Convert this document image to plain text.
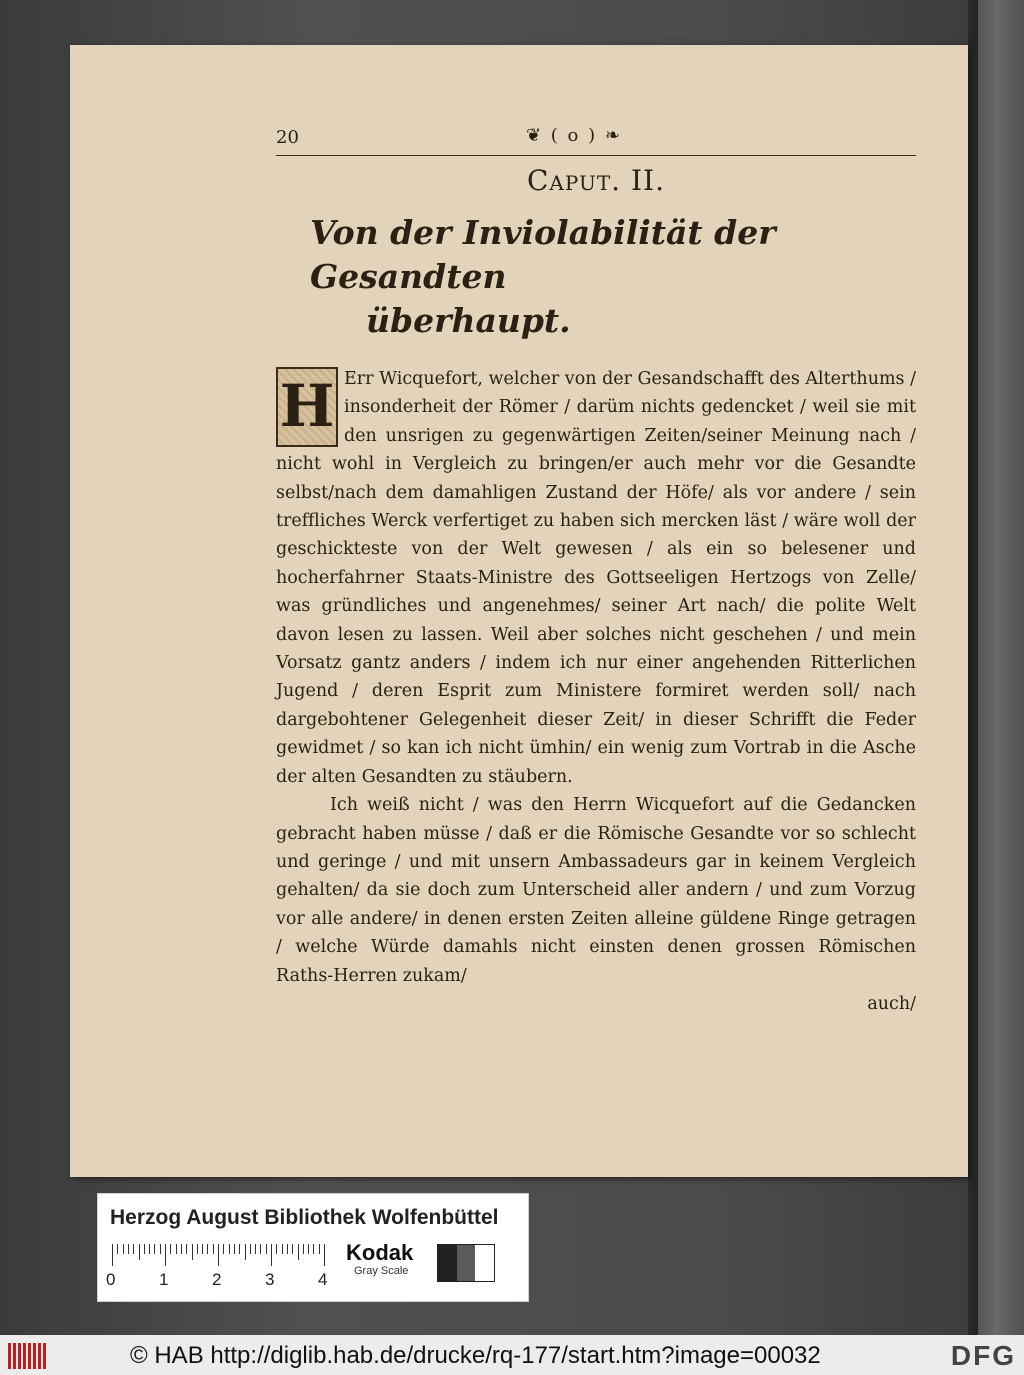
20	❦ ( o ) ❧
Caput. II.
Von der Inviolabilität der Gesandten
überhaupt.

H Err Wicquefort, welcher von der Gesandschafft des Alterthums / insonderheit der Römer / darüm nichts gedencket / weil sie mit den unsrigen zu gegenwärtigen Zeiten/seiner Meinung nach / nicht wohl in Vergleich zu bringen/er auch mehr vor die Gesandte selbst/nach dem damahligen Zustand der Höfe/ als vor andere / sein treffliches Werck verfertiget zu haben sich mercken läst / wäre woll der geschickteste von der Welt gewesen / als ein so belesener und hocherfahrner Staats-Ministre des Gottseeligen Hertzogs von Zelle/ was gründliches und angenehmes/ seiner Art nach/ die polite Welt davon lesen zu lassen. Weil aber solches nicht geschehen / und mein Vorsatz gantz anders / indem ich nur einer angehenden Ritterlichen Jugend / deren Esprit zum Ministere formiret werden soll/ nach dargebohtener Gelegenheit dieser Zeit/ in dieser Schrifft die Feder gewidmet / so kan ich nicht ümhin/ ein wenig zum Vortrab in die Asche der alten Gesandten zu stäubern.

Ich weiß nicht / was den Herrn Wicquefort auf die Gedancken gebracht haben müsse / daß er die Römische Gesandte vor so schlecht und geringe / und mit unsern Ambassadeurs gar in keinem Vergleich gehalten/ da sie doch zum Unterscheid aller andern / und zum Vorzug vor alle andere/ in denen ersten Zeiten alleine güldene Ringe getragen / welche Würde damahls nicht einsten denen grossen Römischen Raths-Herren zukam/

auch/

Herzog August Bibliothek Wolfenbüttel
0	1	2	3	4
Kodak
Gray Scale
© HAB http://diglib.hab.de/drucke/rq-177/start.htm?image=00032	DFG
